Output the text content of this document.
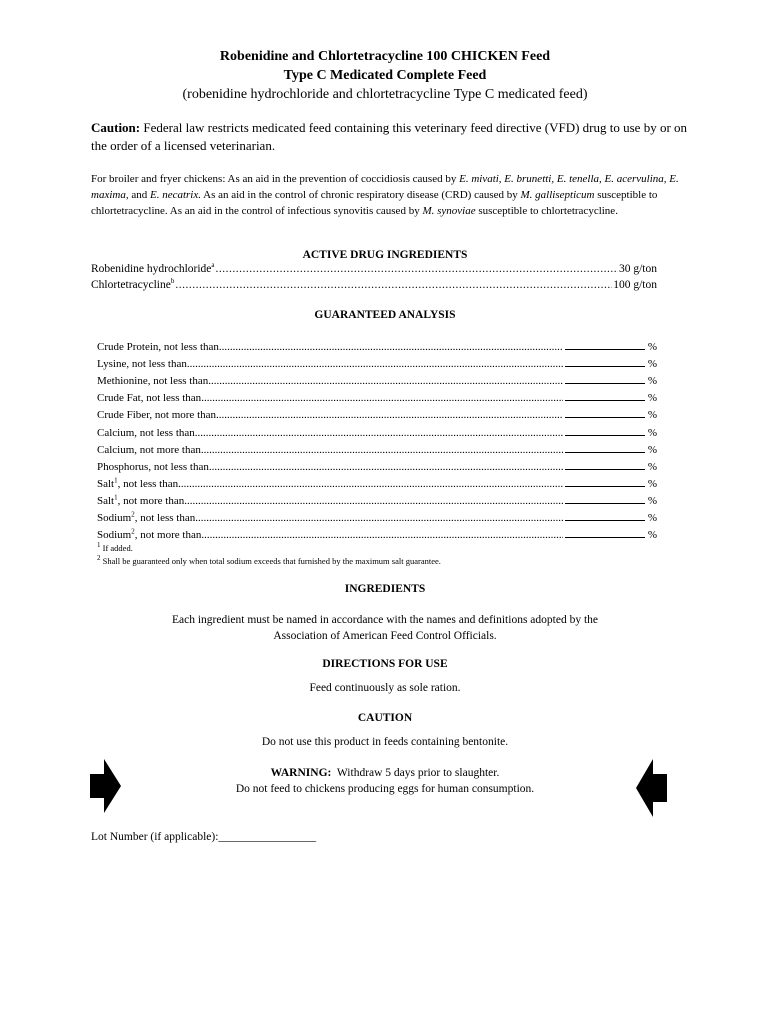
Robenidine and Chlortetracycline 100 CHICKEN Feed
Type C Medicated Complete Feed
(robenidine hydrochloride and chlortetracycline Type C medicated feed)
Caution: Federal law restricts medicated feed containing this veterinary feed directive (VFD) drug to use by or on the order of a licensed veterinarian.
For broiler and fryer chickens: As an aid in the prevention of coccidiosis caused by E. mivati, E. brunetti, E. tenella, E. acervulina, E. maxima, and E. necatrix. As an aid in the control of chronic respiratory disease (CRD) caused by M. gallisepticum susceptible to chlortetracycline. As an aid in the control of infectious synovitis caused by M. synoviae susceptible to chlortetracycline.
ACTIVE DRUG INGREDIENTS
Robenidine hydrochloride$^a$ .....	30 g/ton
Chlortetracycline$^b$ .....	100 g/ton
GUARANTEED ANALYSIS
Crude Protein, not less than .....	%
Lysine, not less than .....	%
Methionine, not less than .....	%
Crude Fat, not less than .....	%
Crude Fiber, not more than .....	%
Calcium, not less than .....	%
Calcium, not more than .....	%
Phosphorus, not less than .....	%
Salt$^1$, not less than .....	%
Salt$^1$, not more than .....	%
Sodium$^2$, not less than .....	%
Sodium$^2$, not more than .....	%
$^1$ If added.
$^2$ Shall be guaranteed only when total sodium exceeds that furnished by the maximum salt guarantee.
INGREDIENTS
Each ingredient must be named in accordance with the names and definitions adopted by the
Association of American Feed Control Officials.
DIRECTIONS FOR USE
Feed continuously as sole ration.
CAUTION
Do not use this product in feeds containing bentonite.
WARNING: Withdraw 5 days prior to slaughter.
Do not feed to chickens producing eggs for human consumption.
Lot Number (if applicable):_________________
